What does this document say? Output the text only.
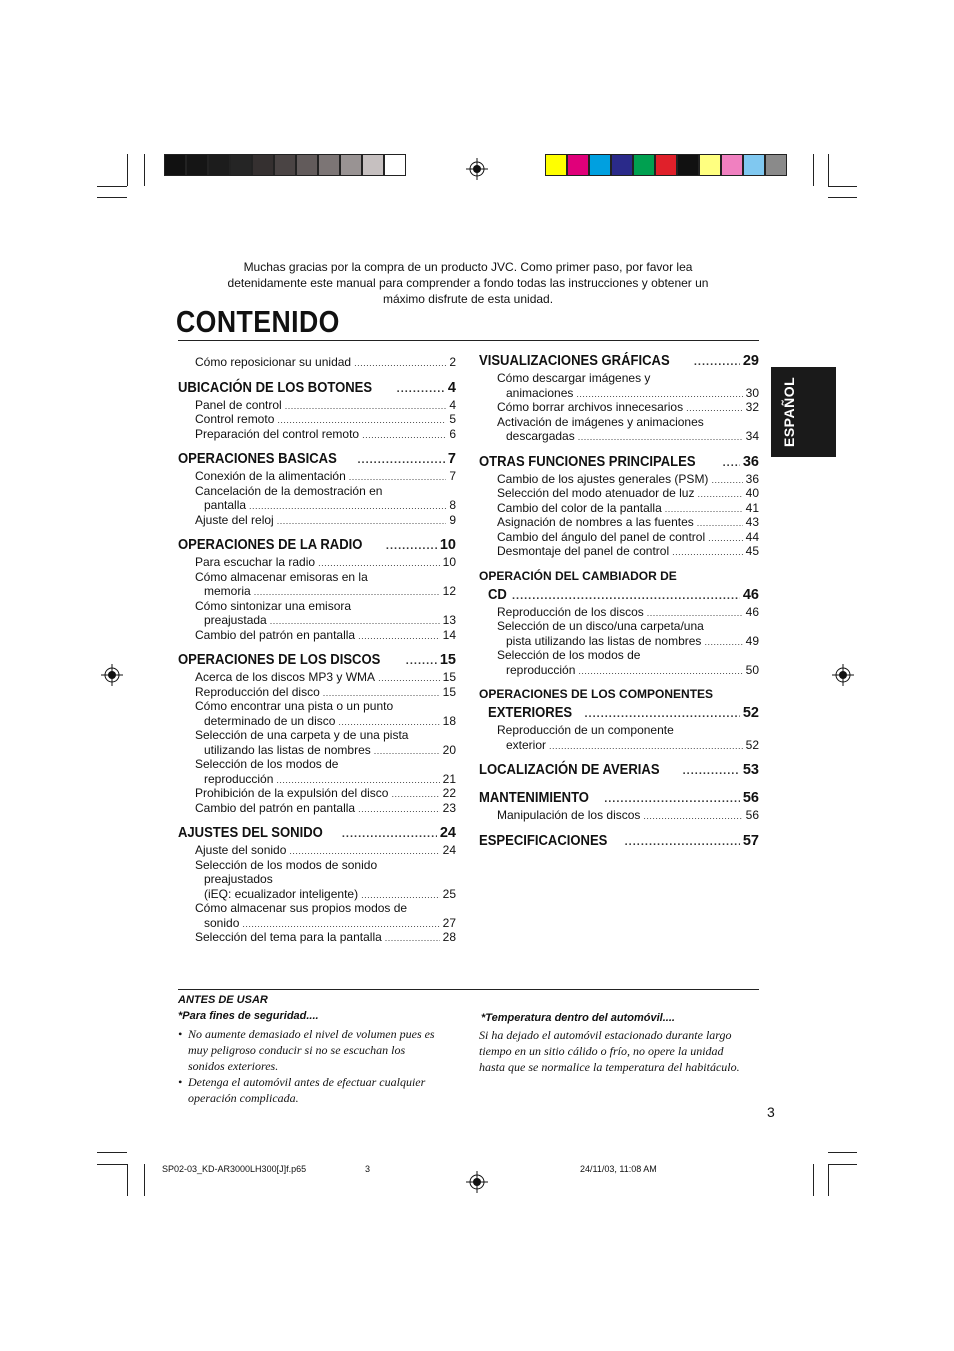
Muchas gracias por la compra de un producto JVC. Como primer paso, por favor lea
detenidamente este manual para comprender a fondo todas las instrucciones y obtener un
máximo disfrute de esta unidad.
CONTENIDO
ESPAÑOL
Cómo reposicionar su unidad .....	2
UBICACIÓN DE LOS BOTONES .....	4
Panel de control .....	4
Control remoto .....	5
Preparación del control remoto .....	6
OPERACIONES BASICAS .....	7
Conexión de la alimentación .....	7
Cancelación de la demostración en
pantalla .....	8
Ajuste del reloj .....	9
OPERACIONES DE LA RADIO .....	10
Para escuchar la radio .....	10
Cómo almacenar emisoras en la
memoria .....	12
Cómo sintonizar una emisora
preajustada .....	13
Cambio del patrón en pantalla .....	14
OPERACIONES DE LOS DISCOS .....	15
Acerca de los discos MP3 y WMA .....	15
Reproducción del disco .....	15
Cómo encontrar una pista o un punto
determinado de un disco .....	18
Selección de una carpeta y de una pista
utilizando las listas de nombres .....	20
Selección de los modos de
reproducción .....	21
Prohibición de la expulsión del disco .....	22
Cambio del patrón en pantalla .....	23
AJUSTES DEL SONIDO .....	24
Ajuste del sonido .....	24
Selección de los modos de sonido
preajustados
(iEQ: ecualizador inteligente) .....	25
Cómo almacenar sus propios modos de
sonido .....	27
Selección del tema para la pantalla .....	28
VISUALIZACIONES GRÁFICAS .....	29
Cómo descargar imágenes y
animaciones .....	30
Cómo borrar archivos innecesarios .....	32
Activación de imágenes y animaciones
descargadas .....	34
OTRAS FUNCIONES PRINCIPALES .....	36
Cambio de los ajustes generales (PSM) .....	36
Selección del modo atenuador de luz .....	40
Cambio del color de la pantalla .....	41
Asignación de nombres a las fuentes .....	43
Cambio del ángulo del panel de control .....	44
Desmontaje del panel de control .....	45
OPERACIÓN DEL CAMBIADOR DE
CD .....	46
Reproducción de los discos .....	46
Selección de un disco/una carpeta/una
pista utilizando las listas de nombres .....	49
Selección de los modos de
reproducción .....	50
OPERACIONES DE LOS COMPONENTES
EXTERIORES .....	52
Reproducción de un componente
exterior .....	52
LOCALIZACIÓN DE AVERIAS .....	53
MANTENIMIENTO .....	56
Manipulación de los discos .....	56
ESPECIFICACIONES .....	57
ANTES DE USAR
*Para fines de seguridad....
• No aumente demasiado el nivel de volumen pues es
muy peligroso conducir si no se escuchan los
sonidos exteriores.
• Detenga el automóvil antes de efectuar cualquier
operación complicada.
*Temperatura dentro del automóvil....
Si ha dejado el automóvil estacionado durante largo
tiempo en un sitio cálido o frío, no opere la unidad
hasta que se normalice la temperatura del habitáculo.
3
SP02-03_KD-AR3000LH300[J]f.p65	3	24/11/03, 11:08 AM
